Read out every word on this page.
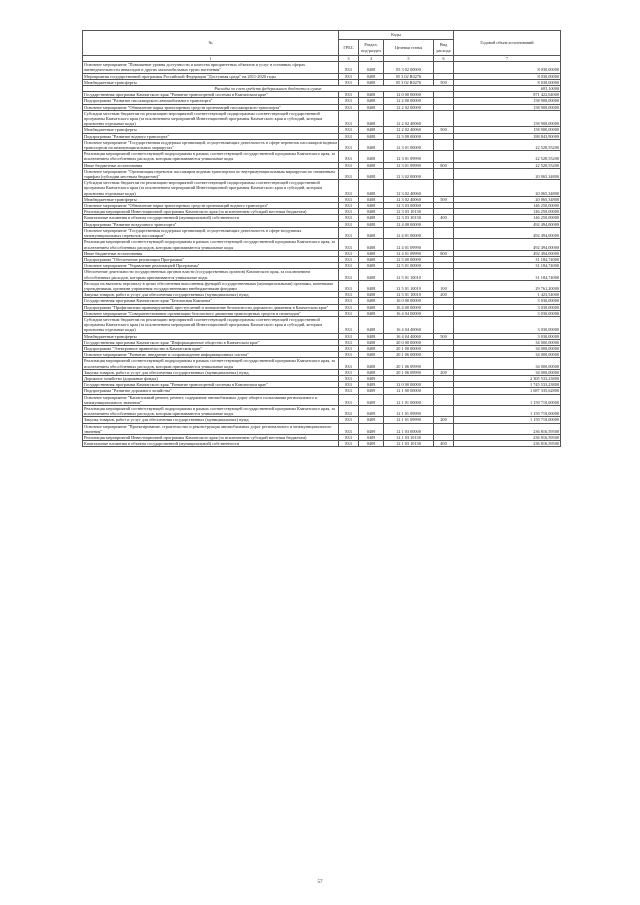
№	Коды				Годовой объем ассигнований
	ГРБС	Раздел, под-раздел	Целевая статья	Вид расхода	
1	3	4	5	6	7
Основное мероприятие "Повышение уровня доступности и качества приоритетных объектов и услуг в основных сферах жизнедеятельности инвалидов и других маломобильных групп населения"	833	0408	05 3 02 00000		8 030,00000
Мероприятия государственной программы Российской Федерации "Доступная среда" на 2011-2020 годы	833	0408	05 3 02 R0276		8 030,00000
Межбюджетные трансферты	833	0408	05 3 02 R0276	500	8 030,00000
Расходы за счет средств федерального бюджета в сумме					693,10000
Государственная программа Камчатского края "Развитие транспортной системы в Камчатском крае"	833	0408	12 0 00 00000		871 422,64000
Подпрограмма "Развитие пассажирского автомобильного транспорта"	833	0408	12 2 00 00000		158 900,00000
Основное мероприятие "Обновление парка транспортных средств организаций пассажирского транспорта"	833	0408	12 2 02 00000		158 900,00000
Субсидии местным бюджетам на реализацию мероприятий соответствующей подпрограммы соответствующей государственной программы Камчатского края (за исключением мероприятий Инвестиционной программы Камчатского края и субсидий, которым присвоены отдельные коды)	833	0408	12 2 02 40060		158 900,00000
Межбюджетные трансферты	833	0408	12 2 02 40060	500	158 900,00000
Подпрограмма "Развитие водного транспорта"	833	0408	12 3 00 00000		188 843,90000
Основное мероприятие "Государственная поддержка организаций, осуществляющих деятельность в сфере перевозок пассажиров водным транспортом на межмуниципальных маршрутах"	833	0408	12 3 01 00000		22 528,55200
Реализация мероприятий соответствующей подпрограммы в рамках соответствующей государственной программы Камчатского края, за исключением обособленных расходов, которым присваиваются уникальные коды	833	0408	12 3 01 09990		22 528,55200
Иные бюджетные ассигнования	833	0408	12 3 01 09990	800	22 528,55200
Основное мероприятие "Организация перевозок пассажиров водным транспортом по внутримуниципальным маршрутам по сниженным тарифам (субсидии местным бюджетам)"	833	0408	12 3 02 00000		20 065,34800
Субсидии местным бюджетам на реализацию мероприятий соответствующей подпрограммы соответствующей государственной программы Камчатского края (за исключением мероприятий Инвестиционной программы Камчатского края и субсидий, которым присвоены отдельные коды)	833	0408	12 3 02 40060		20 065,34800
Межбюджетные трансферты	833	0408	12 3 02 40060	500	20 065,34800
Основное мероприятие "Обновление парка транспортных средств организаций водного транспорта"	833	0408	12 3 03 00000		146 250,00000
Реализация мероприятий Инвестиционной программы Камчатского края (за исключением субсидий местным бюджетам)	833	0408	12 3 03 10130		146 250,00000
Капитальные вложения в объекты государственной (муниципальной) собственности	833	0408	12 3 03 10130	400	146 250,00000
Подпрограмма "Развитие воздушного транспорта"	833	0408	12 4 00 00000		492 494,00000
Основное мероприятие "Государственная поддержка организаций, осуществляющих деятельность в сфере воздушных межмуниципальных перевозок пассажиров"	833	0408	12 4 01 00000		492 494,00000
Реализация мероприятий соответствующей подпрограммы в рамках соответствующей государственной программы Камчатского края, за исключением обособленных расходов, которым присваиваются уникальные коды	833	0408	12 4 01 09990		492 494,00000
Иные бюджетные ассигнования	833	0408	12 4 01 09990	800	492 494,00000
Подпрограмма "Обеспечение реализации Программы"	833	0408	12 5 00 00000		31 184,74000
Основное мероприятие "Управление реализацией Программы"	833	0408	12 5 01 00000		31 184,74000
Обеспечение деятельности государственных органов власти (государственных органов) Камчатского края, за исключением обособленных расходов, которым присваиваются уникальные коды	833	0408	12 5 01 10010		31 184,74000
Расходы на выплаты персоналу в целях обеспечения выполнения функций государственными (муниципальными) органами, казенными учреждениями, органами управления государственными внебюджетными фондами	833	0408	12 5 01 10010	100	29 761,20000
Закупка товаров, работ и услуг для обеспечения государственных (муниципальных) нужд	833	0408	12 5 01 10010	200	1 423,54000
Государственная программа Камчатского края "Безопасная Камчатка"	833	0408	16 0 00 00000		3 030,00000
Подпрограмма "Профилактика правонарушений, преступлений и повышение безопасности дорожного движения в Камчатском крае"	833	0408	16 4 00 00000		3 030,00000
Основное мероприятие "Совершенствование организации безопасного движения транспортных средств и пешеходов"	833	0408	16 4 04 00000		3 030,00000
Субсидии местным бюджетам на реализацию мероприятий соответствующей подпрограммы соответствующей государственной программы Камчатского края (за исключением мероприятий Инвестиционной программы Камчатского края и субсидий, которым присвоены отдельные коды)	833	0408	16 4 04 40060		3 030,00000
Межбюджетные трансферты	833	0408	16 4 04 40060	500	3 030,00000
Государственная программа Камчатского края "Информационное общество в Камчатском крае"	833	0408	20 0 00 00000		34 000,00000
Подпрограмма "Электронное правительство в Камчатском крае"	833	0408	20 1 00 00000		34 000,00000
Основное мероприятие "Развитие, внедрение и сопровождение информационных систем"	833	0408	20 1 06 00000		34 000,00000
Реализация мероприятий соответствующей подпрограммы в рамках соответствующей государственной программы Камчатского края, за исключением обособленных расходов, которым присваиваются уникальные коды	833	0408	20 1 06 09990		34 000,00000
Закупка товаров, работ и услуг для обеспечения государственных (муниципальных) нужд	833	0408	20 1 06 09990	200	34 000,00000
Дорожное хозяйство (дорожные фонды)	833	0409			2 305 533,23800
Государственная программа Камчатского края "Развитие транспортной системы в Камчатском крае"	833	0409	12 0 00 00000		1 745 533,23800
Подпрограмма "Развитие дорожного хозяйства"	833	0409	12 1 00 00000		1 687 335,62800
Основное мероприятие "Капитальный ремонт, ремонт, содержание автомобильных дорог общего пользования регионального и межмуниципального значения"	833	0409	12 1 01 00000		1 159 710,00000
Реализация мероприятий соответствующей подпрограммы в рамках соответствующей государственной программы Камчатского края, за исключением обособленных расходов, которым присваиваются уникальные коды	833	0409	12 1 01 09990		1 159 710,00000
Закупка товаров, работ и услуг для обеспечения государственных (муниципальных) нужд	833	0409	12 1 01 09990	200	1 159 710,00000
Основное мероприятие "Проектирование, строительство и реконструкция автомобильных дорог регионального и межмуниципального значения"	833	0409	12 1 03 00000		236 816,59500
Реализация мероприятий Инвестиционной программы Камчатского края (за исключением субсидий местным бюджетам)	833	0409	12 1 03 10130		236 816,59500
Капитальные вложения в объекты государственной (муниципальной) собственности	833	0409	12 1 03 10130	400	236 816,59500
57
